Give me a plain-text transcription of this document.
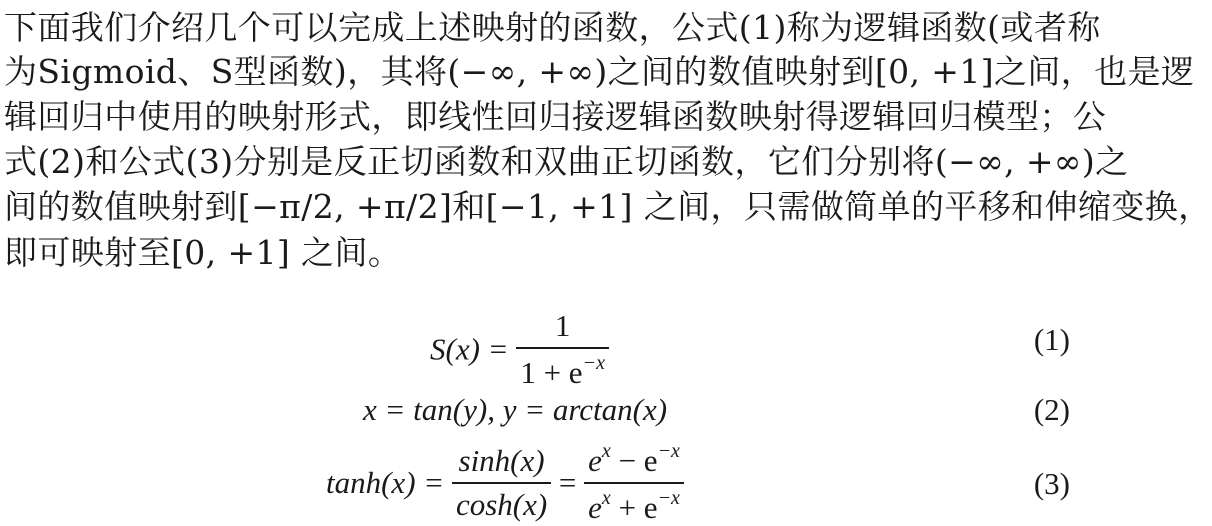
下面我们介绍几个可以完成上述映射的函数，公式(1)称为逻辑函数(或者称
为Sigmoid、S型函数)，其将(−∞, +∞)之间的数值映射到[0, +1]之间，也是逻
辑回归中使用的映射形式，即线性回归接逻辑函数映射得逻辑回归模型；公
式(2)和公式(3)分别是反正切函数和双曲正切函数，它们分别将(−∞, +∞)之
间的数值映射到[−π/2, +π/2]和[−1, +1] 之间，只需做简单的平移和伸缩变换，
即可映射至[0, +1] 之间。
$S(x) = \frac{1}{1 + e^{-x}}$	(1)
x = tan(y), y = arctan(x)	(2)
$\tanh(x) = \frac{\sinh(x)}{\cosh(x)} = \frac{e^x - e^{-x}}{e^x + e^{-x}}$	(3)
